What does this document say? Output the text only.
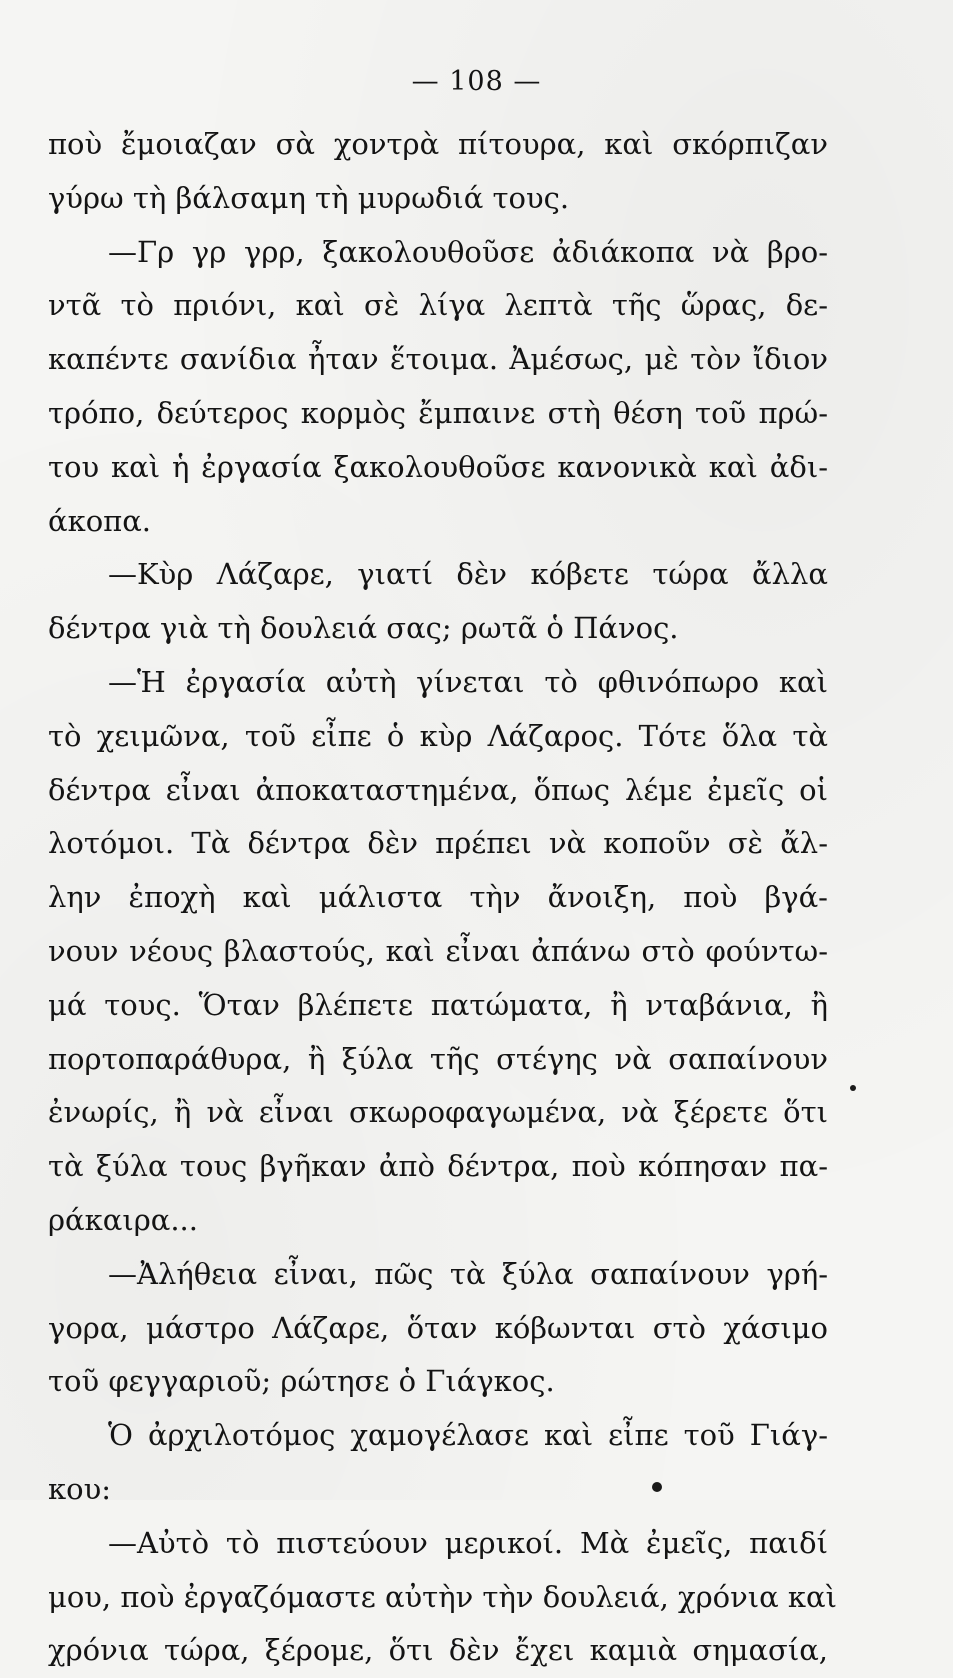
— 108 —
ποὺ ἔμοιαζαν σὰ χοντρὰ πίτουρα, καὶ σκόρπιζαν
γύρω τὴ βάλσαμη τὴ μυρωδιά τους.
—Γρ γρ γρρ, ξακολουθοῦσε ἀδιάκοπα νὰ βρο-
ντᾶ τὸ πριόνι, καὶ σὲ λίγα λεπτὰ τῆς ὥρας, δε-
καπέντε σανίδια ἦταν ἕτοιμα. Ἀμέσως, μὲ τὸν ἴδιον
τρόπο, δεύτερος κορμὸς ἔμπαινε στὴ θέση τοῦ πρώ-
του καὶ ἡ ἐργασία ξακολουθοῦσε κανονικὰ καὶ ἀδι-
άκοπα.
—Κὺρ Λάζαρε, γιατί δὲν κόβετε τώρα ἄλλα
δέντρα γιὰ τὴ δουλειά σας; ρωτᾶ ὁ Πάνος.
—Ἡ ἐργασία αὐτὴ γίνεται τὸ φθινόπωρο καὶ
τὸ χειμῶνα, τοῦ εἶπε ὁ κὺρ Λάζαρος. Τότε ὅλα τὰ
δέντρα εἶναι ἀποκαταστημένα, ὅπως λέμε ἐμεῖς οἱ
λοτόμοι. Τὰ δέντρα δὲν πρέπει νὰ κοποῦν σὲ ἄλ-
λην ἐποχὴ καὶ μάλιστα τὴν ἄνοιξη, ποὺ βγά-
νουν νέους βλαστούς, καὶ εἶναι ἀπάνω στὸ φούντω-
μά τους. Ὅταν βλέπετε πατώματα, ἢ νταβάνια, ἢ
πορτοπαράθυρα, ἢ ξύλα τῆς στέγης νὰ σαπαίνουν
ἐνωρίς, ἢ νὰ εἶναι σκωροφαγωμένα, νὰ ξέρετε ὅτι
τὰ ξύλα τους βγῆκαν ἀπὸ δέντρα, ποὺ κόπησαν πα-
ράκαιρα...
—Ἀλήθεια εἶναι, πῶς τὰ ξύλα σαπαίνουν γρή-
γορα, μάστρο Λάζαρε, ὅταν κόβωνται στὸ χάσιμο
τοῦ φεγγαριοῦ; ρώτησε ὁ Γιάγκος.
Ὁ ἀρχιλοτόμος χαμογέλασε καὶ εἶπε τοῦ Γιάγ-
κου:
—Αὐτὸ τὸ πιστεύουν μερικοί. Μὰ ἐμεῖς, παιδί
μου, ποὺ ἐργαζόμαστε αὐτὴν τὴν δουλειά, χρόνια καὶ
χρόνια τώρα, ξέρομε, ὅτι δὲν ἔχει καμιὰ σημασία,
